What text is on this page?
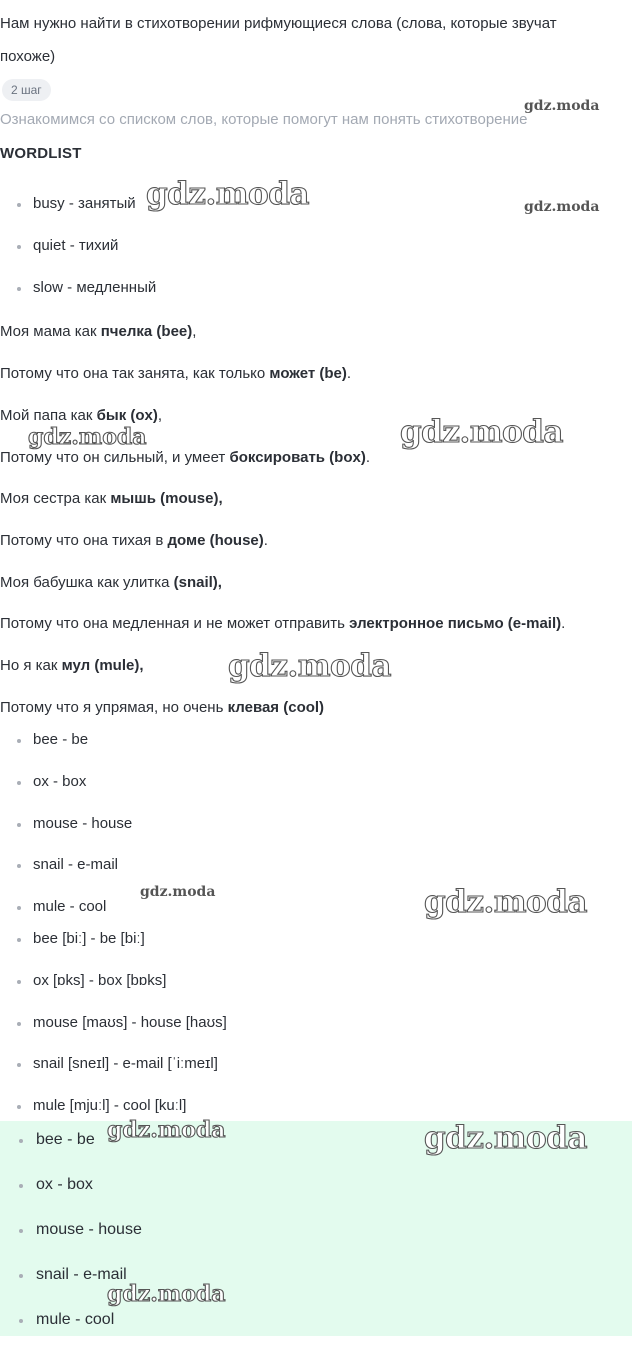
Нам нужно найти в стихотворении рифмующиеся слова (слова, которые звучат похоже)
2 шаг
Ознакомимся со списком слов, которые помогут нам понять стихотворение
WORDLIST
busy - занятый
quiet - тихий
slow - медленный
Моя мама как пчелка (bee),
Потому что она так занята, как только может (be).
Мой папа как бык (ox),
Потому что он сильный, и умеет боксировать (box).
Моя сестра как мышь (mouse),
Потому что она тихая в доме (house).
Моя бабушка как улитка (snail),
Потому что она медленная и не может отправить электронное письмо (e-mail).
Но я как мул (mule),
Потому что я упрямая, но очень клевая (cool)
bee - be
ox - box
mouse - house
snail - e-mail
mule - cool
bee [biː] - be [biː]
ox [ɒks] - box [bɒks]
mouse [maʊs] - house [haʊs]
snail [sneɪl] - e-mail [ˈiːmeɪl]
mule [mjuːl] - cool [kuːl]
bee - be
ox - box
mouse - house
snail - e-mail
mule - cool
gdz.moda
gdz.moda
gdz.moda
gdz.moda	gdz.moda
gdz.moda
gdz.moda	gdz.moda
gdz.moda	gdz.moda
gdz.moda
